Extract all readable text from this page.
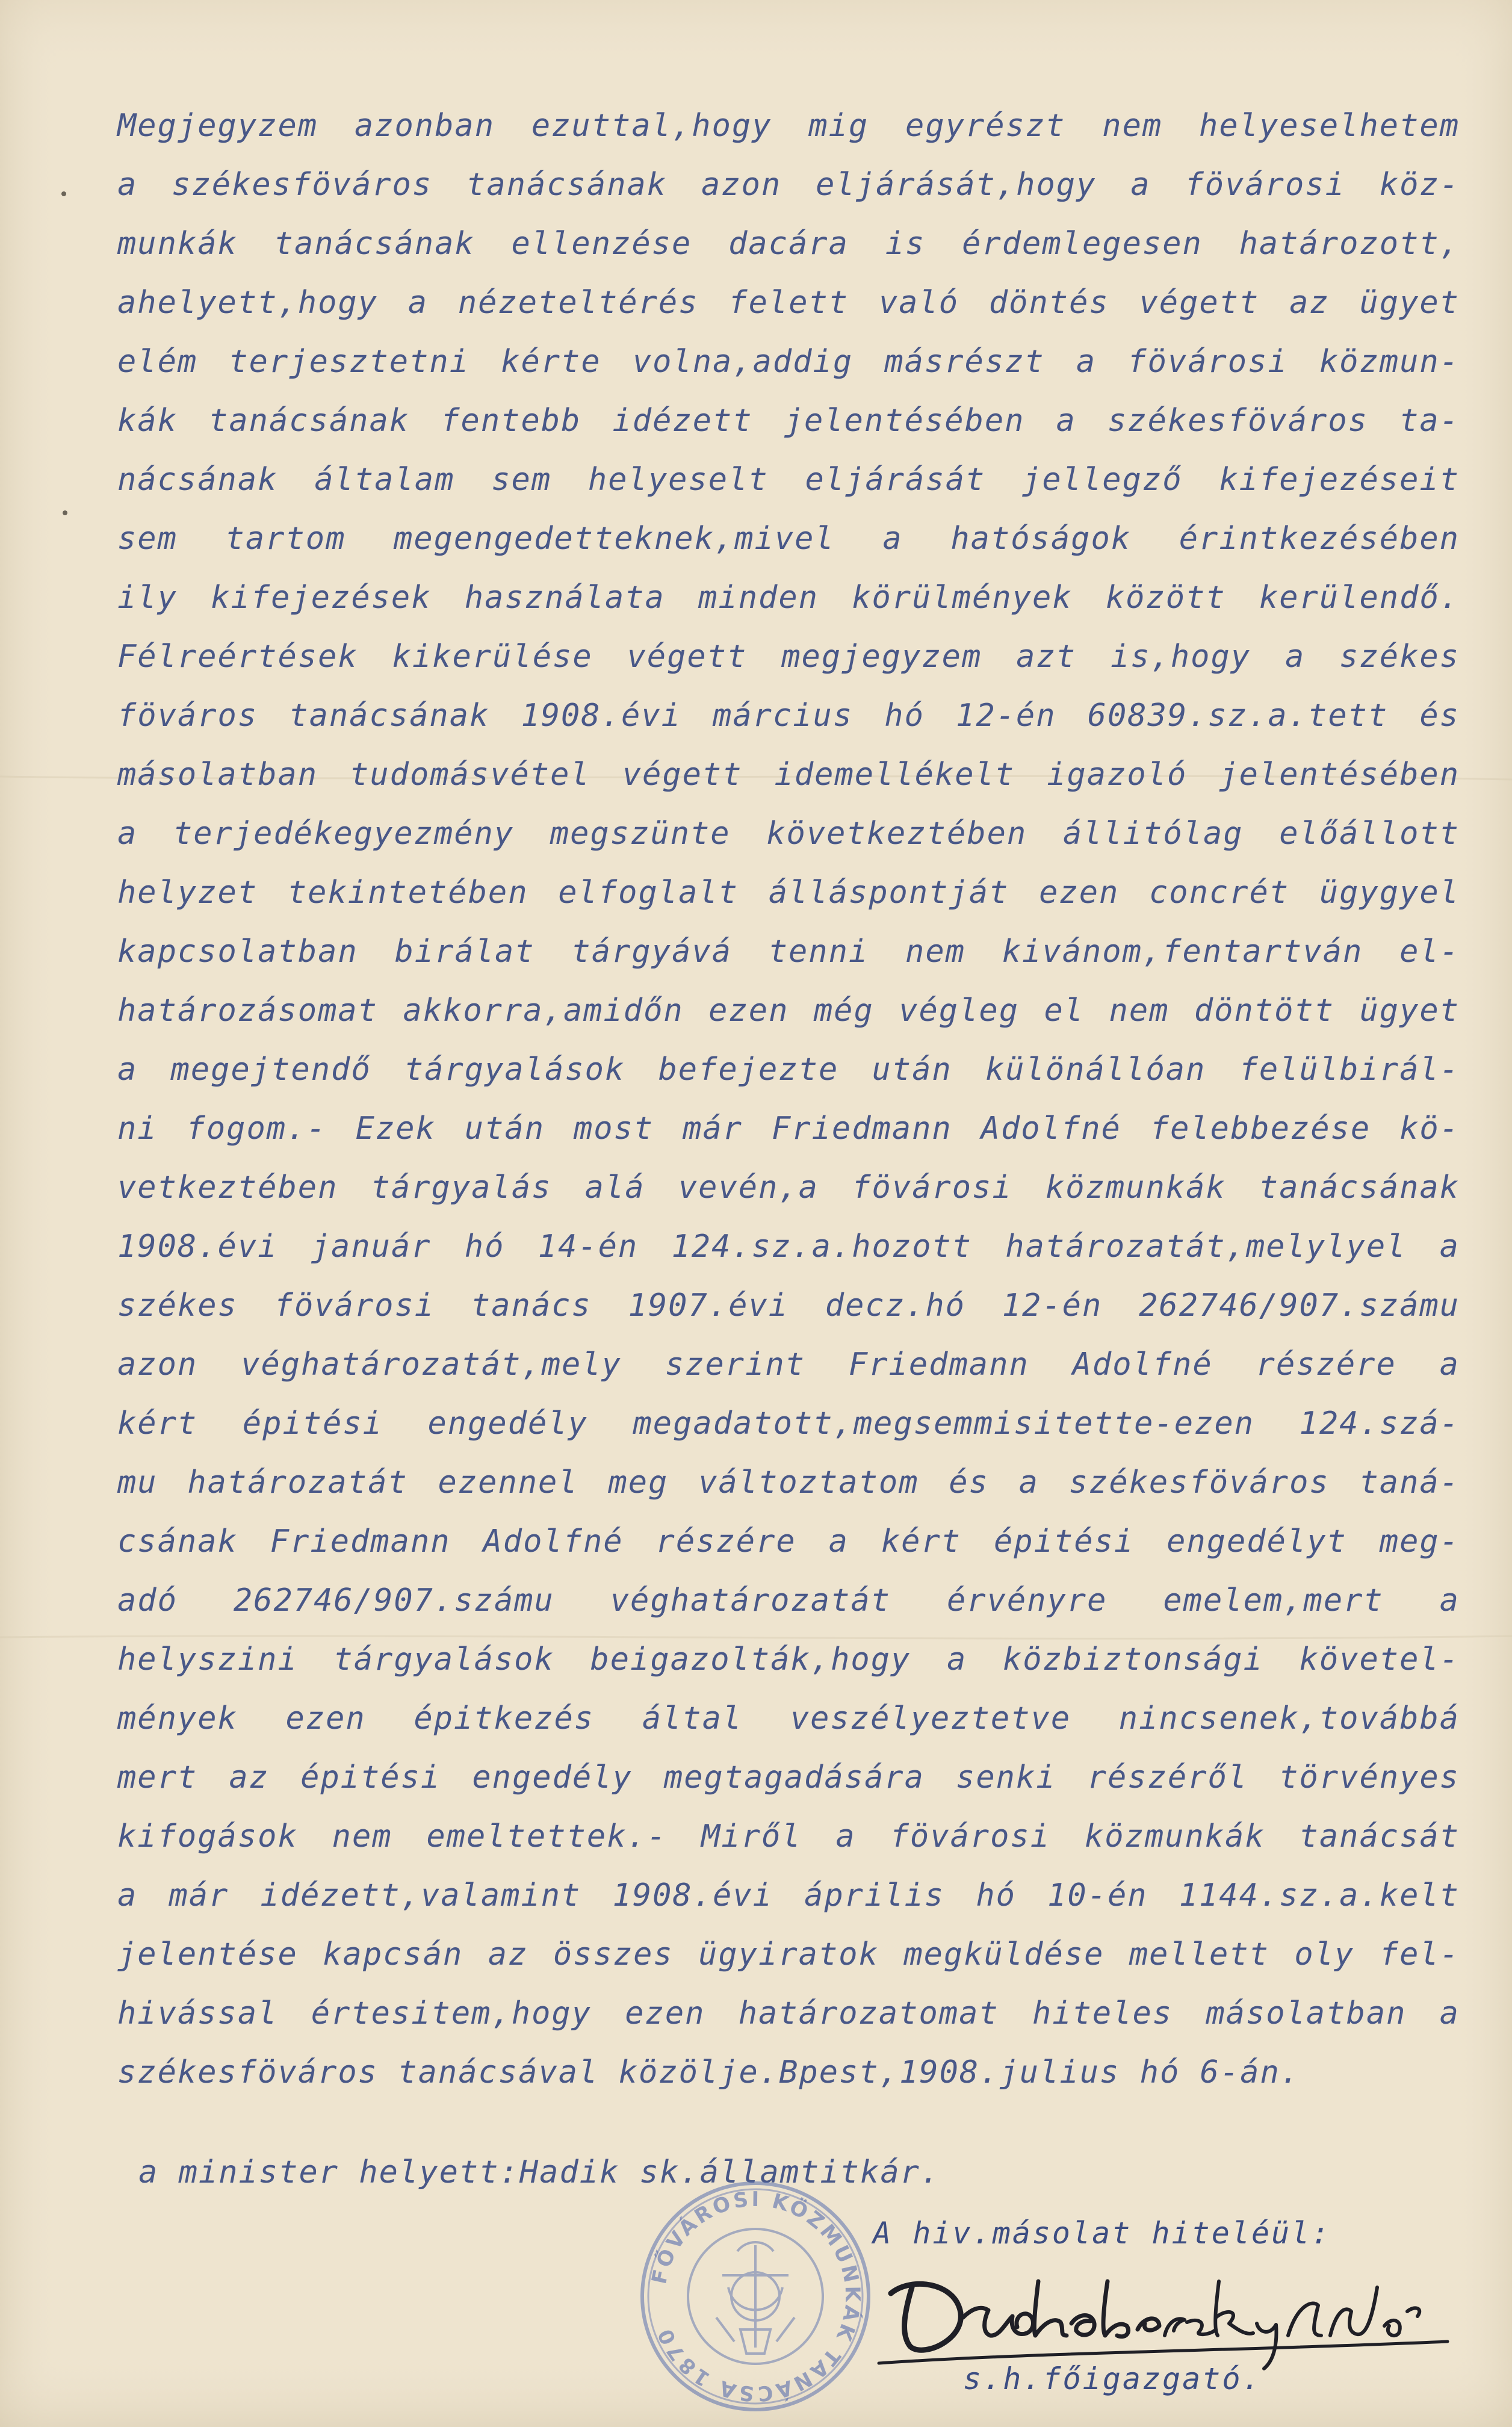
Megjegyzem azonban ezuttal,hogy mig egyrészt nem helyeselhetem

a székesföváros tanácsának azon eljárását,hogy a fövárosi köz-

munkák tanácsának ellenzése dacára is érdemlegesen határozott,

ahelyett,hogy a nézeteltérés felett való döntés végett az ügyet

elém terjesztetni kérte volna,addig másrészt a fövárosi közmun-

kák tanácsának fentebb idézett jelentésében a székesföváros ta-

nácsának általam sem helyeselt eljárását jellegző kifejezéseit

sem tartom megengedetteknek,mivel a hatóságok érintkezésében

ily kifejezések használata minden körülmények között kerülendő.

Félreértések kikerülése végett megjegyzem azt is,hogy a székes

föváros tanácsának 1908.évi március hó 12-én 60839.sz.a.tett és

másolatban tudomásvétel végett idemellékelt igazoló jelentésében

a terjedékegyezmény megszünte következtében állitólag előállott

helyzet tekintetében elfoglalt álláspontját ezen concrét ügygyel

kapcsolatban birálat tárgyává tenni nem kivánom,fentartván el-

határozásomat akkorra,amidőn ezen még végleg el nem döntött ügyet

a megejtendő tárgyalások befejezte után különállóan felülbirál-

ni fogom.- Ezek után most már Friedmann Adolfné felebbezése kö-

vetkeztében tárgyalás alá vevén,a fövárosi közmunkák tanácsának

1908.évi január hó 14-én 124.sz.a.hozott határozatát,melylyel a

székes fövárosi tanács 1907.évi decz.hó 12-én 262746/907.számu

azon véghatározatát,mely szerint Friedmann Adolfné részére a

kért épitési engedély megadatott,megsemmisitette-ezen 124.szá-

mu határozatát ezennel meg változtatom és a székesföváros taná-

csának Friedmann Adolfné részére a kért épitési engedélyt meg-

adó 262746/907.számu véghatározatát érvényre emelem,mert a

helyszini tárgyalások beigazolták,hogy a közbiztonsági követel-

mények ezen épitkezés által veszélyeztetve nincsenek,továbbá

mert az épitési engedély megtagadására senki részéről törvényes

kifogások nem emeltettek.- Miről a fövárosi közmunkák tanácsát

a már idézett,valamint 1908.évi április hó 10-én 1144.sz.a.kelt

jelentése kapcsán az összes ügyiratok megküldése mellett oly fel-

hivással értesitem,hogy ezen határozatomat hiteles másolatban a

székesföváros tanácsával közölje.Bpest,1908.julius hó 6-án.

a minister helyett:Hadik sk.államtitkár.

FŐVÁROSI KÖZMUNKÁK TANÁCSA 1870
A hiv.másolat hiteléül:
s.h.főigazgató.
